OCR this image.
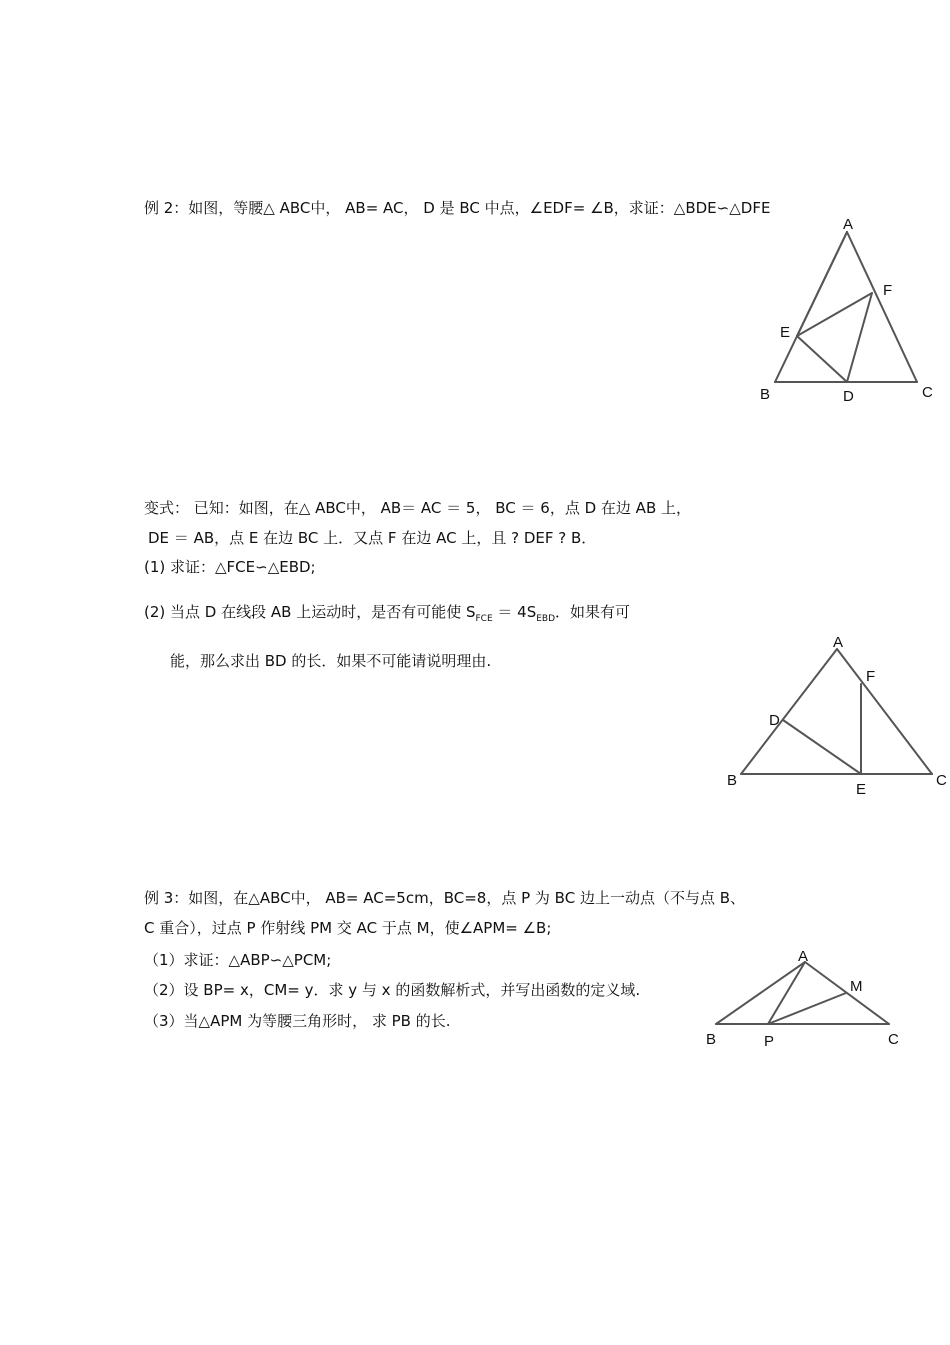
例 2：如图，等腰△ ABC中， AB= AC， D 是 BC 中点，∠EDF= ∠B，求证：△BDE∽△DFE
A
F
E
B	D	C
变式： 已知：如图，在△ ABC中， AB＝ AC ＝ 5， BC ＝ 6，点 D 在边 AB 上，
DE ＝ AB，点 E 在边 BC 上．又点 F 在边 AC 上，且 ? DEF ? B．
(1) 求证：△FCE∽△EBD;
(2) 当点 D 在线段 AB 上运动时，是否有可能使 $S_{FCE} = 4S_{EBD}$．如果有可
能，那么求出 BD 的长．如果不可能请说明理由.
A
F
D
B
E
C
例 3：如图，在△ABC中， AB= AC=5cm，BC=8，点 P 为 BC 边上一动点（不与点 B、
C 重合），过点 P 作射线 PM 交 AC 于点 M，使∠APM= ∠B;
（1）求证：△ABP∽△PCM;
（2）设 BP= x，CM= y．求 y 与 x 的函数解析式，并写出函数的定义域.
（3）当△APM 为等腰三角形时， 求 PB 的长.
A
M
B	P	C
